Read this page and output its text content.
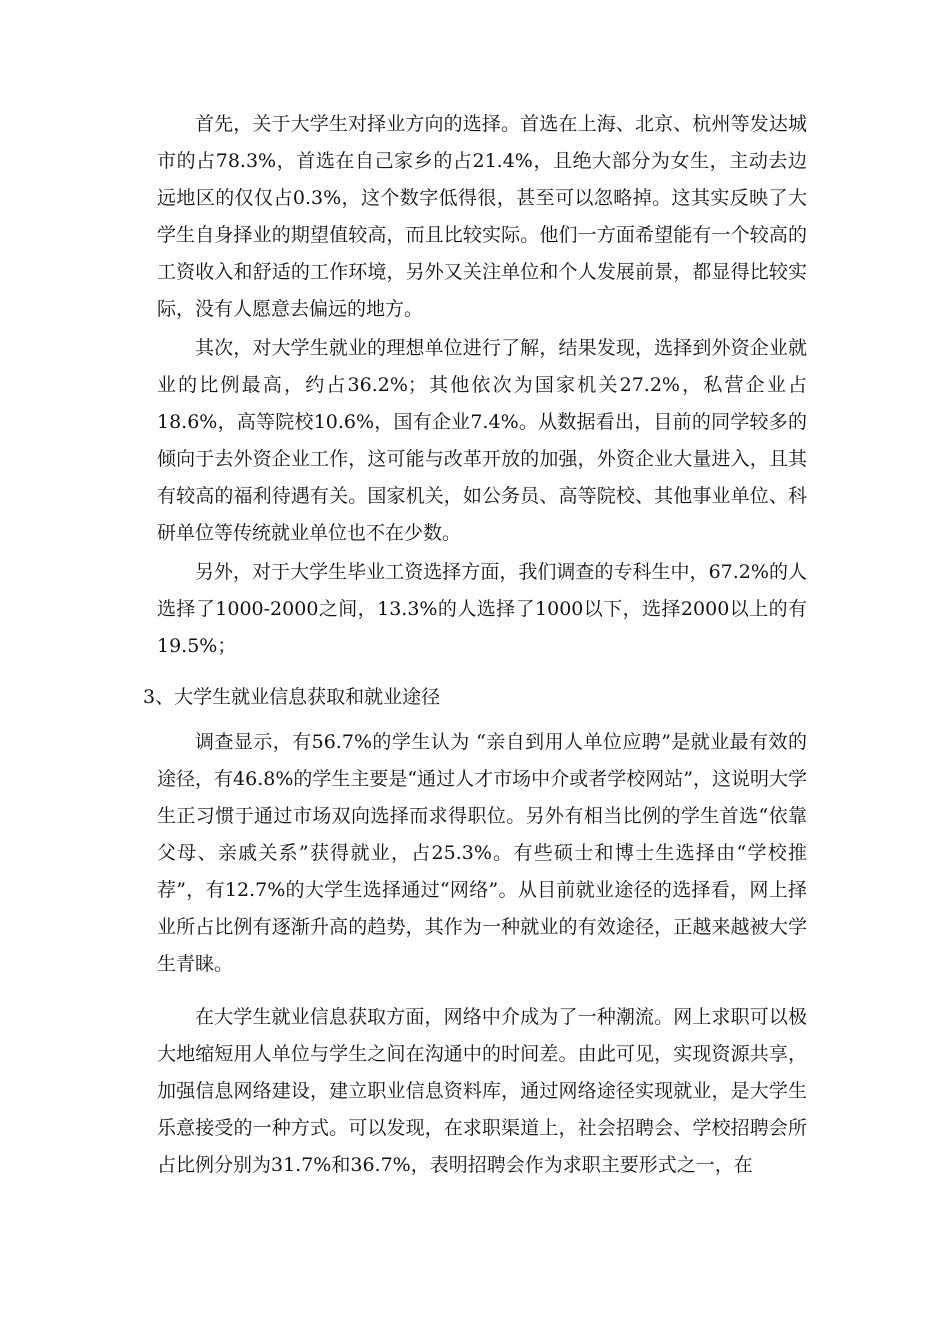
首先，关于大学生对择业方向的选择。首选在上海、北京、杭州等发达城市的占78.3%，首选在自己家乡的占21.4%，且绝大部分为女生，主动去边远地区的仅仅占0.3%，这个数字低得很，甚至可以忽略掉。这其实反映了大学生自身择业的期望值较高，而且比较实际。他们一方面希望能有一个较高的工资收入和舒适的工作环境，另外又关注单位和个人发展前景，都显得比较实际，没有人愿意去偏远的地方。

其次，对大学生就业的理想单位进行了解，结果发现，选择到外资企业就业的比例最高，约占36.2%；其他依次为国家机关27.2%，私营企业占18.6%，高等院校10.6%，国有企业7.4%。从数据看出，目前的同学较多的倾向于去外资企业工作，这可能与改革开放的加强，外资企业大量进入，且其有较高的福利待遇有关。国家机关，如公务员、高等院校、其他事业单位、科研单位等传统就业单位也不在少数。

另外，对于大学生毕业工资选择方面，我们调查的专科生中，67.2%的人选择了1000-2000之间，13.3%的人选择了1000以下，选择2000以上的有19.5%；

3、大学生就业信息获取和就业途径

调查显示，有56.7%的学生认为 “亲自到用人单位应聘”是就业最有效的途径，有46.8%的学生主要是“通过人才市场中介或者学校网站”，这说明大学生正习惯于通过市场双向选择而求得职位。另外有相当比例的学生首选“依靠父母、亲戚关系”获得就业，占25.3%。有些硕士和博士生选择由“学校推荐”，有12.7%的大学生选择通过“网络”。从目前就业途径的选择看，网上择业所占比例有逐渐升高的趋势，其作为一种就业的有效途径，正越来越被大学生青睐。

在大学生就业信息获取方面，网络中介成为了一种潮流。网上求职可以极大地缩短用人单位与学生之间在沟通中的时间差。由此可见，实现资源共享，加强信息网络建设，建立职业信息资料库，通过网络途径实现就业，是大学生乐意接受的一种方式。可以发现，在求职渠道上，社会招聘会、学校招聘会所占比例分别为31.7%和36.7%，表明招聘会作为求职主要形式之一，在
